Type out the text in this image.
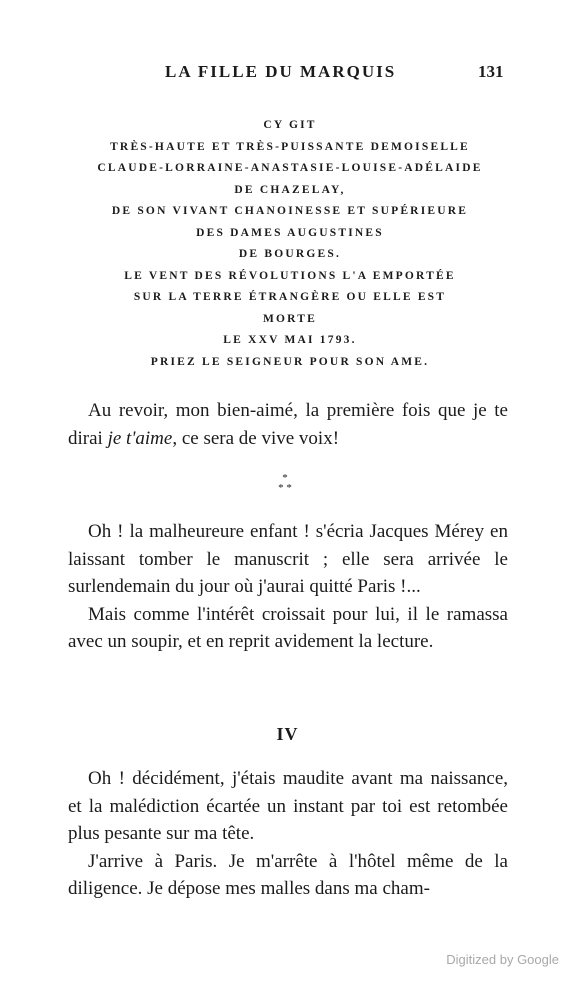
LA FILLE DU MARQUIS	131
CY GIT
TRÈS-HAUTE ET TRÈS-PUISSANTE DEMOISELLE
CLAUDE-LORRAINE-ANASTASIE-LOUISE-ADÉLAIDE
DE CHAZELAY,
DE SON VIVANT CHANOINESSE ET SUPÉRIEURE
DES DAMES AUGUSTINES
DE BOURGES.
LE VENT DES RÉVOLUTIONS L'A EMPORTÉE
SUR LA TERRE ÉTRANGÈRE OU ELLE EST
MORTE
LE XXV MAI 1793.
PRIEZ LE SEIGNEUR POUR SON AME.

Au revoir, mon bien-aimé, la première fois que je te dirai je t'aime, ce sera de vive voix!

*
* *

Oh ! la malheureure enfant ! s'écria Jacques Mérey en laissant tomber le manuscrit ; elle sera arrivée le surlendemain du jour où j'aurai quitté Paris !...

Mais comme l'intérêt croissait pour lui, il le ramassa avec un soupir, et en reprit avidement la lecture.

IV

Oh ! décidément, j'étais maudite avant ma naissance, et la malédiction écartée un instant par toi est retombée plus pesante sur ma tête.

J'arrive à Paris. Je m'arrête à l'hôtel même de la diligence. Je dépose mes malles dans ma cham-

Digitized by Google
